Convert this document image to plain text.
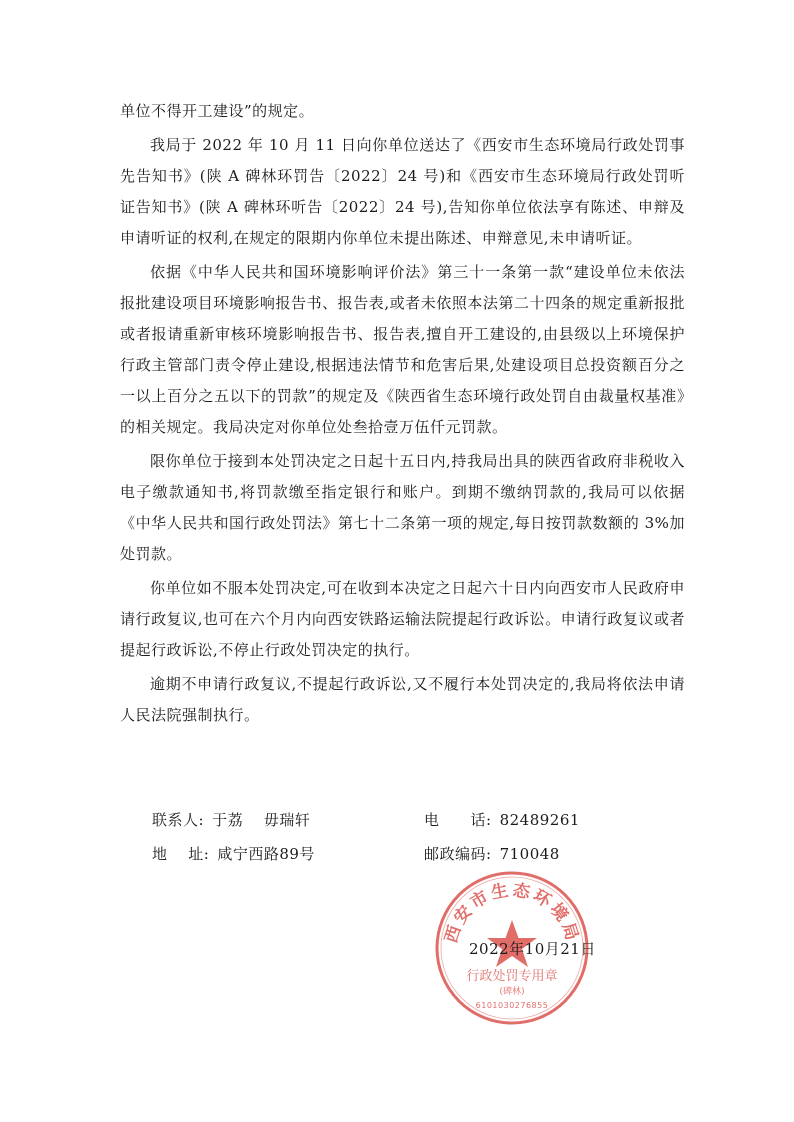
单位不得开工建设”的规定。

我局于 2022 年 10 月 11 日向你单位送达了《西安市生态环境局行政处罚事先告知书》(陕 A 碑林环罚告〔2022〕24 号)和《西安市生态环境局行政处罚听证告知书》(陕 A 碑林环听告〔2022〕24 号),告知你单位依法享有陈述、申辩及申请听证的权利,在规定的限期内你单位未提出陈述、申辩意见,未申请听证。

依据《中华人民共和国环境影响评价法》第三十一条第一款“建设单位未依法报批建设项目环境影响报告书、报告表,或者未依照本法第二十四条的规定重新报批或者报请重新审核环境影响报告书、报告表,擅自开工建设的,由县级以上环境保护行政主管部门责令停止建设,根据违法情节和危害后果,处建设项目总投资额百分之一以上百分之五以下的罚款”的规定及《陕西省生态环境行政处罚自由裁量权基准》的相关规定。我局决定对你单位处叁拾壹万伍仟元罚款。

限你单位于接到本处罚决定之日起十五日内,持我局出具的陕西省政府非税收入电子缴款通知书,将罚款缴至指定银行和账户。到期不缴纳罚款的,我局可以依据《中华人民共和国行政处罚法》第七十二条第一项的规定,每日按罚款数额的 3%加处罚款。

你单位如不服本处罚决定,可在收到本决定之日起六十日内向西安市人民政府申请行政复议,也可在六个月内向西安铁路运输法院提起行政诉讼。申请行政复议或者提起行政诉讼,不停止行政处罚决定的执行。

逾期不申请行政复议,不提起行政诉讼,又不履行本处罚决定的,我局将依法申请人民法院强制执行。

联系人: 于荔　 毋瑞轩	电　　话: 82489261
地　 址: 咸宁西路89号	邮政编码: 710048
西安市生态环境局
行政处罚专用章
(碑林)
6101030276855
2022年10月21日
